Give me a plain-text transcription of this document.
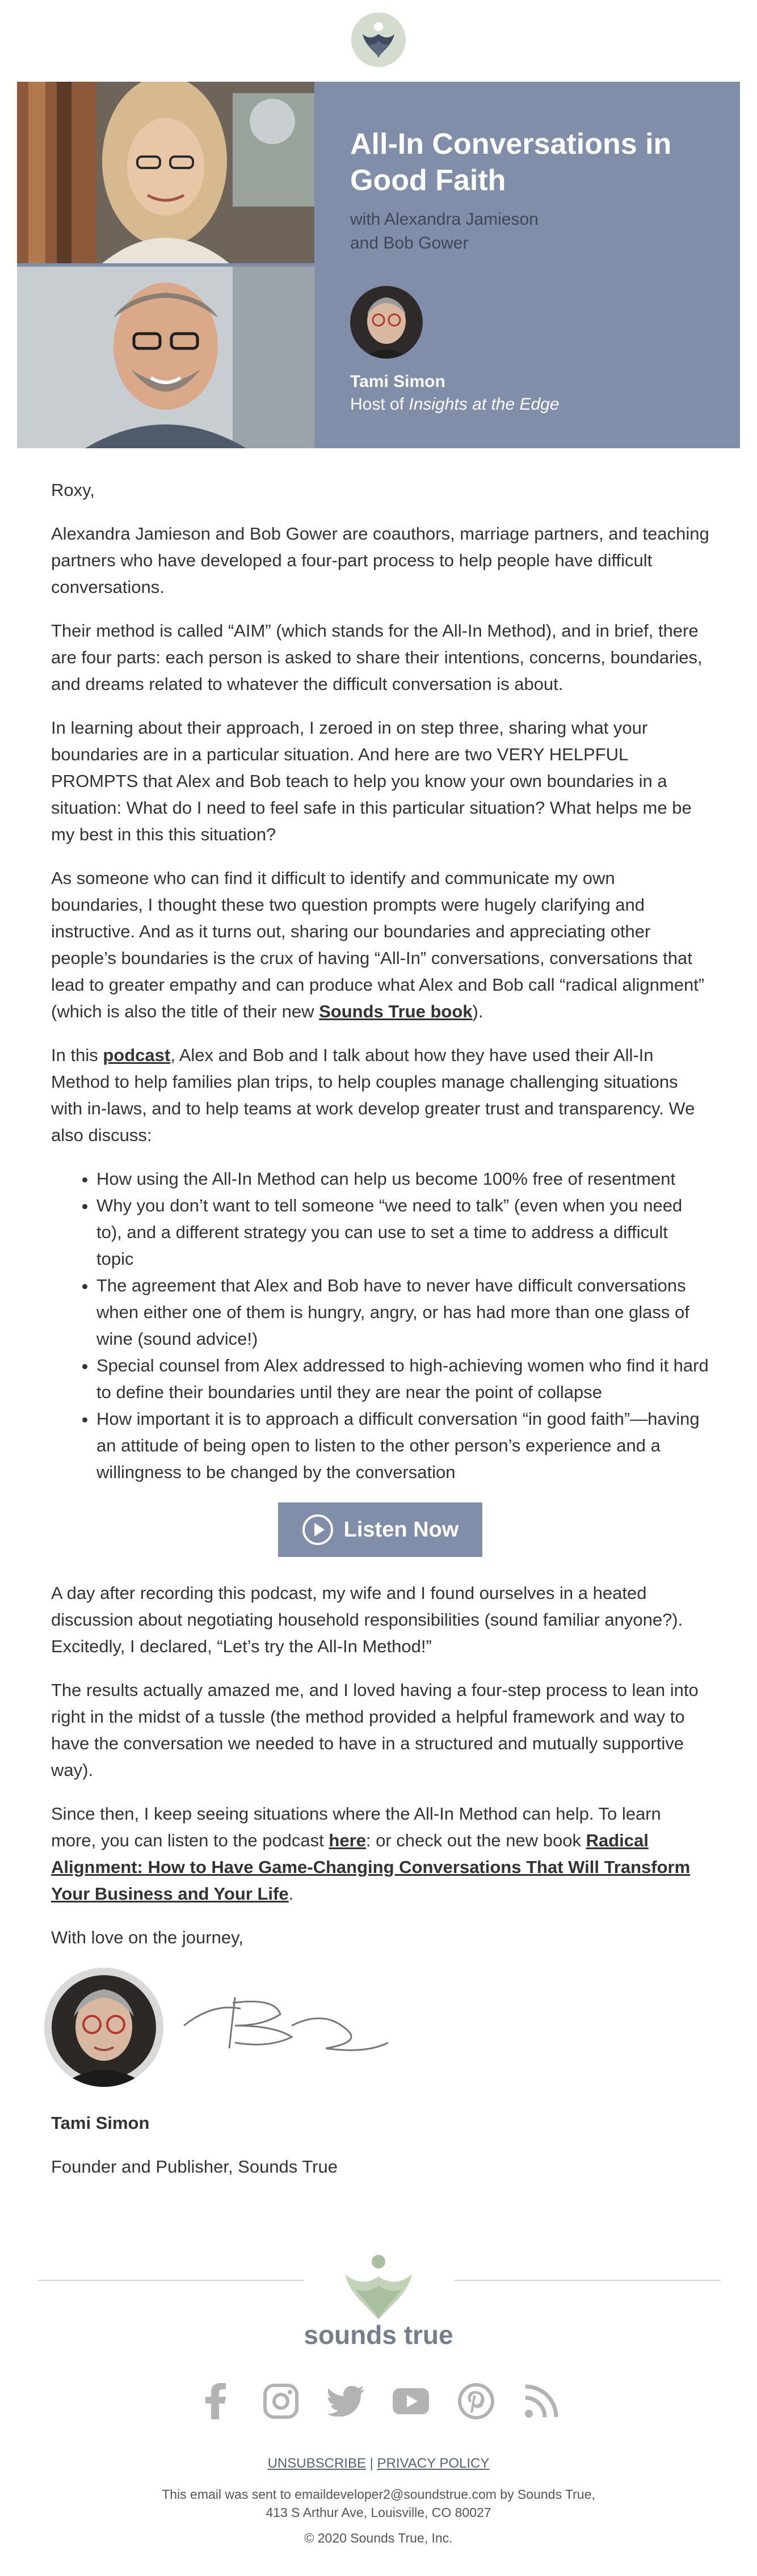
All-In Conversations in Good Faith
with Alexandra Jamieson
and Bob Gower
Tami Simon
Host of Insights at the Edge

Roxy,

Alexandra Jamieson and Bob Gower are coauthors, marriage partners, and teaching partners who have developed a four-part process to help people have difficult conversations.

Their method is called “AIM” (which stands for the All-In Method), and in brief, there are four parts: each person is asked to share their intentions, concerns, boundaries, and dreams related to whatever the difficult conversation is about.

In learning about their approach, I zeroed in on step three, sharing what your boundaries are in a particular situation. And here are two VERY HELPFUL PROMPTS that Alex and Bob teach to help you know your own boundaries in a situation: What do I need to feel safe in this particular situation? What helps me be my best in this this situation?

As someone who can find it difficult to identify and communicate my own boundaries, I thought these two question prompts were hugely clarifying and instructive. And as it turns out, sharing our boundaries and appreciating other people’s boundaries is the crux of having “All-In” conversations, conversations that lead to greater empathy and can produce what Alex and Bob call “radical alignment” (which is also the title of their new Sounds True book).

In this podcast, Alex and Bob and I talk about how they have used their All-In Method to help families plan trips, to help couples manage challenging situations with in-laws, and to help teams at work develop greater trust and transparency. We also discuss:

• How using the All-In Method can help us become 100% free of resentment
• Why you don’t want to tell someone “we need to talk” (even when you need to), and a different strategy you can use to set a time to address a difficult topic
• The agreement that Alex and Bob have to never have difficult conversations when either one of them is hungry, angry, or has had more than one glass of wine (sound advice!)
• Special counsel from Alex addressed to high-achieving women who find it hard to define their boundaries until they are near the point of collapse
• How important it is to approach a difficult conversation “in good faith”—having an attitude of being open to listen to the other person’s experience and a willingness to be changed by the conversation
Listen Now

A day after recording this podcast, my wife and I found ourselves in a heated discussion about negotiating household responsibilities (sound familiar anyone?). Excitedly, I declared, “Let’s try the All-In Method!”

The results actually amazed me, and I loved having a four-step process to lean into right in the midst of a tussle (the method provided a helpful framework and way to have the conversation we needed to have in a structured and mutually supportive way).

Since then, I keep seeing situations where the All-In Method can help. To learn more, you can listen to the podcast here: or check out the new book Radical Alignment: How to Have Game-Changing Conversations That Will Transform Your Business and Your Life.

With love on the journey,

Tami Simon

Founder and Publisher, Sounds True

sounds true
UNSUBSCRIBE | PRIVACY POLICY
This email was sent to emaildeveloper2@soundstrue.com by Sounds True,
413 S Arthur Ave, Louisville, CO 80027
© 2020 Sounds True, Inc.
